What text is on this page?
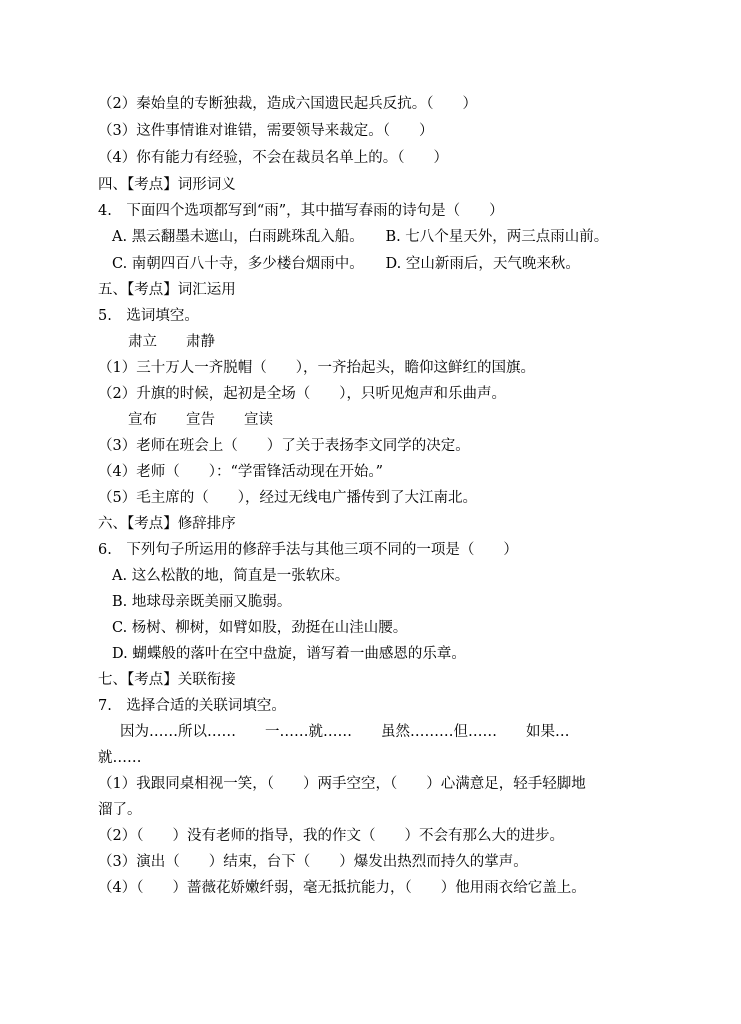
（2）秦始皇的专断独裁，造成六国遗民起兵反抗。（　　）
（3）这件事情谁对谁错，需要领导来裁定。（　　）
（4）你有能力有经验，不会在裁员名单上的。（　　）
四、【考点】词形词义
4.　下面四个选项都写到“雨”，其中描写春雨的诗句是（　　）
A. 黑云翻墨未遮山，白雨跳珠乱入船。　　B. 七八个星天外，两三点雨山前。
C. 南朝四百八十寺，多少楼台烟雨中。　　D. 空山新雨后，天气晚来秋。
五、【考点】词汇运用
5.　选词填空。
肃立　　肃静
（1）三十万人一齐脱帽（　　），一齐抬起头，瞻仰这鲜红的国旗。
（2）升旗的时候，起初是全场（　　），只听见炮声和乐曲声。
宣布　　宣告　　宣读
（3）老师在班会上（　　）了关于表扬李文同学的决定。
（4）老师（　　）：“学雷锋活动现在开始。”
（5）毛主席的（　　），经过无线电广播传到了大江南北。
六、【考点】修辞排序
6.　下列句子所运用的修辞手法与其他三项不同的一项是（　　）
A. 这么松散的地，简直是一张软床。
B. 地球母亲既美丽又脆弱。
C. 杨树、柳树，如臂如股，劲挺在山洼山腰。
D. 蝴蝶般的落叶在空中盘旋，谱写着一曲感恩的乐章。
七、【考点】关联衔接
7.　选择合适的关联词填空。
因为……所以……　　一……就……　　虽然………但……　　如果…
就……
（1）我跟同桌相视一笑，（　　）两手空空，（　　）心满意足，轻手轻脚地
溜了。
（2）（　　）没有老师的指导，我的作文（　　）不会有那么大的进步。
（3）演出（　　）结束，台下（　　）爆发出热烈而持久的掌声。
（4）（　　）蔷薇花娇嫩纤弱，毫无抵抗能力，（　　）他用雨衣给它盖上。
